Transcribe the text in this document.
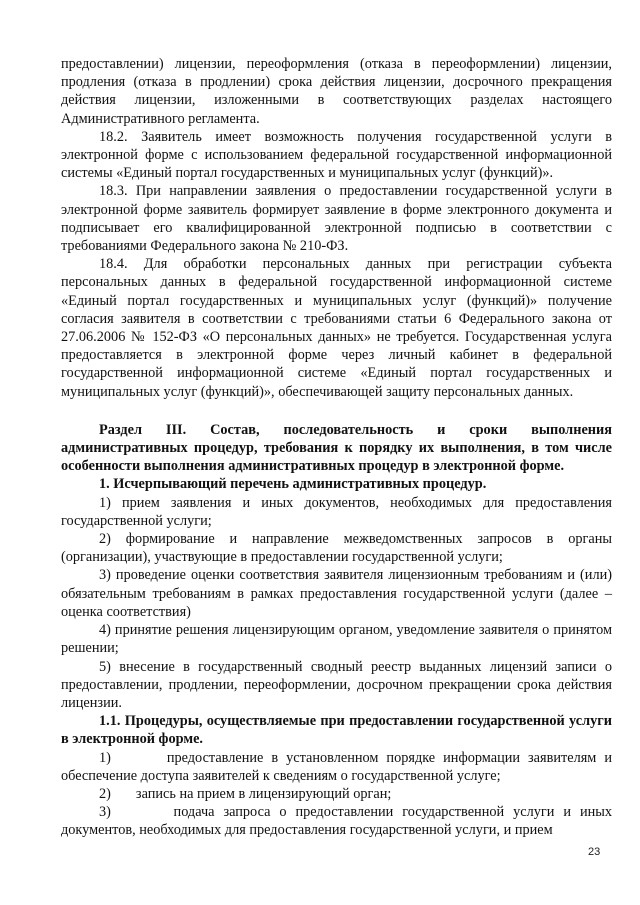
предоставлении) лицензии, переоформления (отказа в переоформлении) лицензии, продления (отказа в продлении) срока действия лицензии, досрочного прекращения действия лицензии, изложенными в соответствующих разделах настоящего Административного регламента.

18.2. Заявитель имеет возможность получения государственной услуги в электронной форме с использованием федеральной государственной информационной системы «Единый портал государственных и муниципальных услуг (функций)».

18.3. При направлении заявления о предоставлении государственной услуги в электронной форме заявитель формирует заявление в форме электронного документа и подписывает его квалифицированной электронной подписью в соответствии с требованиями Федерального закона № 210-ФЗ.

18.4. Для обработки персональных данных при регистрации субъекта персональных данных в федеральной государственной информационной системе «Единый портал государственных и муниципальных услуг (функций)» получение согласия заявителя в соответствии с требованиями статьи 6 Федерального закона от 27.06.2006 № 152-ФЗ «О персональных данных» не требуется. Государственная услуга предоставляется в электронной форме через личный кабинет в федеральной государственной информационной системе «Единый портал государственных и муниципальных услуг (функций)», обеспечивающей защиту персональных данных.

Раздел III. Состав, последовательность и сроки выполнения административных процедур, требования к порядку их выполнения, в том числе особенности выполнения административных процедур в электронной форме.

1. Исчерпывающий перечень административных процедур.

1) прием заявления и иных документов, необходимых для предоставления государственной услуги;

2) формирование и направление межведомственных запросов в органы (организации), участвующие в предоставлении государственной услуги;

3) проведение оценки соответствия заявителя лицензионным требованиям и (или) обязательным требованиям в рамках предоставления государственной услуги (далее – оценка соответствия)

4) принятие решения лицензирующим органом, уведомление заявителя о принятом решении;

5) внесение в государственный сводный реестр выданных лицензий записи о предоставлении, продлении, переоформлении, досрочном прекращении срока действия лицензии.

1.1. Процедуры, осуществляемые при предоставлении государственной услуги в электронной форме.

1)       предоставление в установленном порядке информации заявителям и обеспечение доступа заявителей к сведениям о государственной услуге;

2)       запись на прием в лицензирующий орган;

3)       подача запроса о предоставлении государственной услуги и иных документов, необходимых для предоставления государственной услуги, и прием

23
